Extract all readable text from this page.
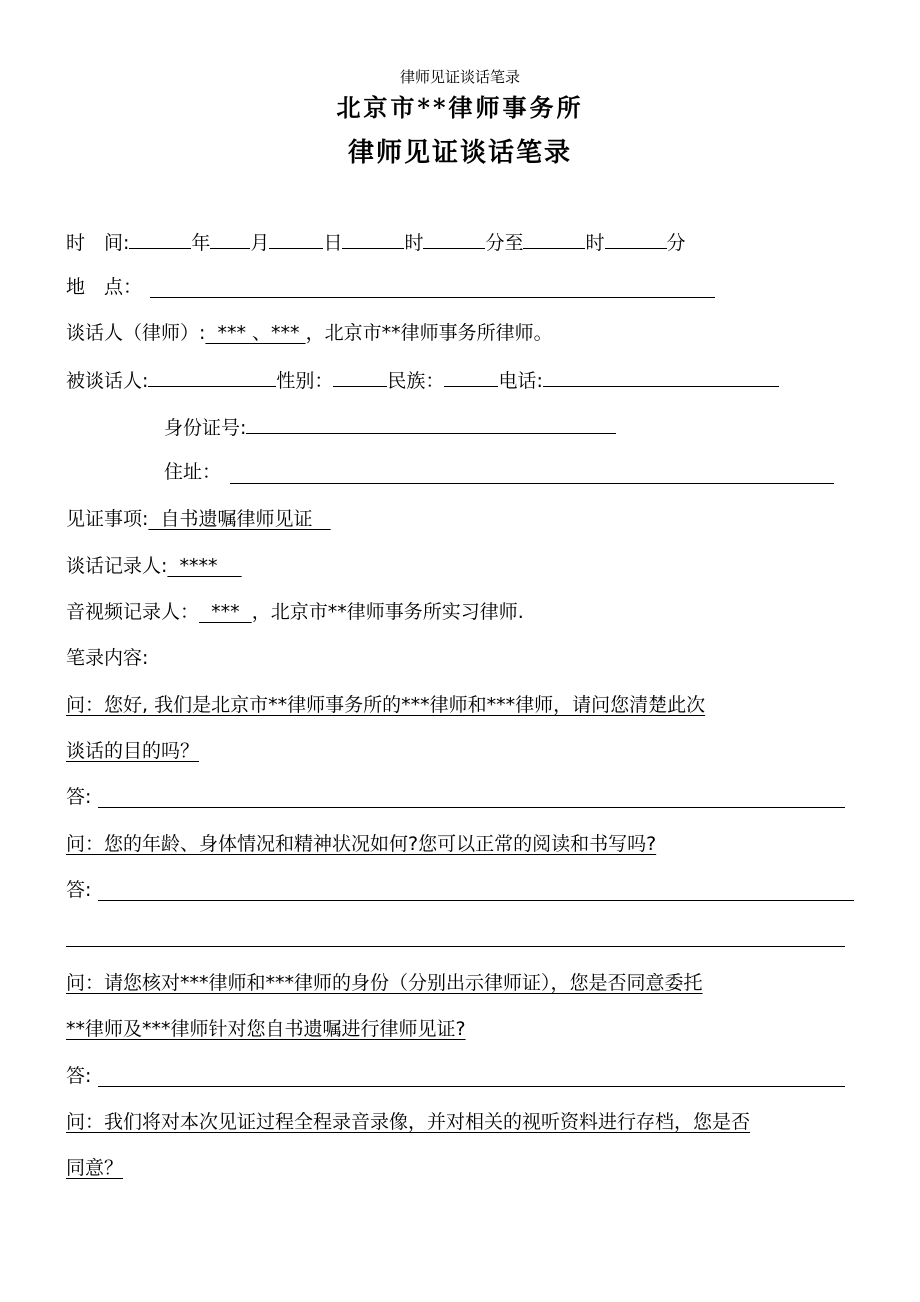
律师见证谈话笔录
北京市**律师事务所
律师见证谈话笔录
时　间:	年 月	日	时	分至	时	分
地　点：
谈话人（律师）:  *** 、*** ，北京市**律师事务所律师。
被谈话人:	性别：	民族：	电话:
身份证号:
住址：
见证事项:  自书遗嘱律师见证
谈话记录人:  ****
音视频记录人：  ***  ，北京市**律师事务所实习律师.
笔录内容:
问：您好, 我们是北京市**律师事务所的***律师和***律师，请问您清楚此次
谈话的目的吗？
答:
问：您的年龄、身体情况和精神状况如何?您可以正常的阅读和书写吗?
答:
问：请您核对***律师和***律师的身份（分别出示律师证），您是否同意委托
**律师及***律师针对您自书遗嘱进行律师见证?
答:
问：我们将对本次见证过程全程录音录像，并对相关的视听资料进行存档，您是否
同意？
